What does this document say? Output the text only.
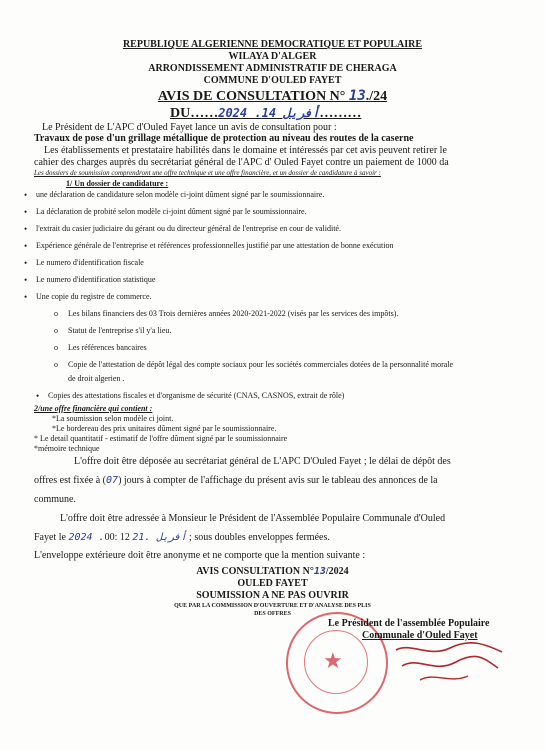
REPUBLIQUE ALGERIENNE DEMOCRATIQUE ET POPULAIRE
WILAYA D'ALGER
ARRONDISSEMENT ADMINISTRATIF DE CHERAGA
COMMUNE D'OULED FAYET
AVIS DE CONSULTATION N° 13./24
DU……2024 .أفريل 14………
Le Président de L'APC d'Ouled Fayet lance un avis de consultation pour :
Travaux de pose d'un grillage métallique de protection au niveau des routes de la caserne
Les établissements et prestataire habilités dans le domaine et intéressés par cet avis peuvent retirer le
cahier des charges auprès du secrétariat général de l'APC d' Ouled Fayet contre un paiement de 1000 da
Les dossiers de soumission comprendront une offre technique et une offre financière, et un dossier de candidature à savoir :
1/ Un dossier de candidature :
• une déclaration de candidature selon modèle ci-joint dûment signé par le soumissionnaire.
• La déclaration de probité selon modèle ci-joint dûment signé par le soumissionnaire.
• l'extrait du casier judiciaire du gérant ou du directeur général de l'entreprise en cour de validité.
• Expérience générale de l'entreprise et références professionnelles justifié par une attestation de bonne exécution
• Le numero d'identification fiscale
• Le numero d'identification statistique
• Une copie du registre de commerce.
o Les bilans financiers des 03 Trois dernières années 2020-2021-2022 (visés par les services des impôts).
o Statut de l'entreprise s'il y'a lieu.
o Les références bancaires
o Copie de l'attestation de dépôt légal des compte sociaux pour les sociétés commerciales dotées de la personnalité morale
de droit algerien .
• Copies des attestations fiscales et d'organisme de sécurité (CNAS, CASNOS, extrait de rôle)
2/une offre financière qui contient :
*La soumission selon modèle ci joint.
*Le bordereau des prix unitaires dûment signé par le soumissionnaire.
* Le detail quantitatif - estimatif de l'offre dûment signé par le soumissionnaire
*mémoire technique
L'offre doit être déposée au secrétariat général de L'APC D'Ouled Fayet ; le délai de dépôt des
offres est fixée à (07) jours à compter de l'affichage du présent avis sur le tableau des annonces de la
commune.
L'offre doit être adressée à Monsieur le Président de l'Assemblée Populaire Communale d'Ouled
Fayet le 2024 .أفريل .21 12 :00 ; sous doubles enveloppes fermées.
L'enveloppe extérieure doit être anonyme et ne comporte que la mention suivante :
AVIS CONSULTATION N°13/2024
OULED FAYET
SOUMISSION A NE PAS OUVRIR
QUE PAR LA COMMISSION D'OUVERTURE ET D'ANALYSE DES PLIS
DES OFFRES
★
Le Président de l'assemblée Populaire
Communale d'Ouled Fayet
